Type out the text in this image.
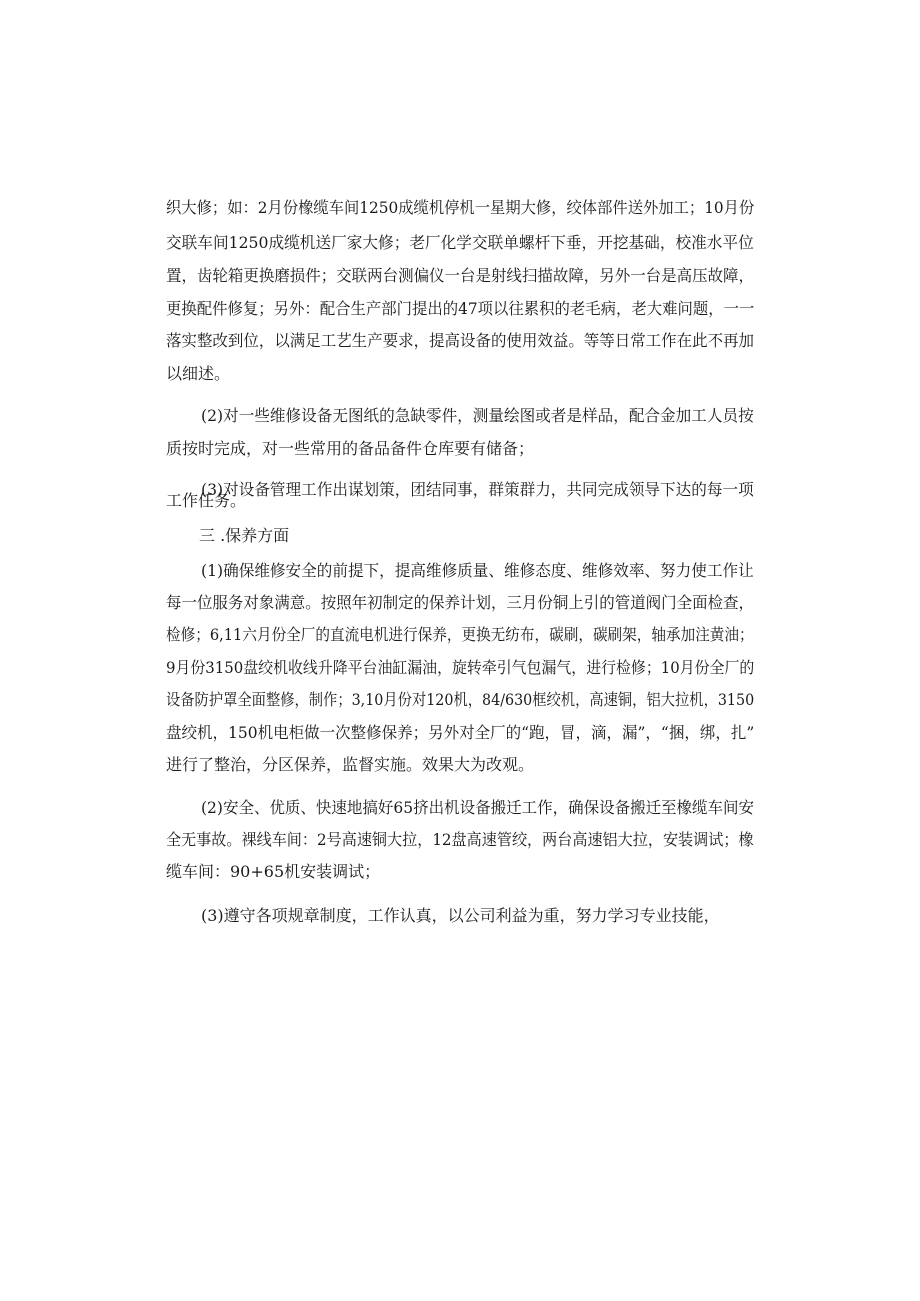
织大修；如：2月份橡缆车间1250成缆机停机一星期大修，绞体部件送外加工；10月份
交联车间1250成缆机送厂家大修；老厂化学交联单螺杆下垂，开挖基础，校准水平位
置，齿轮箱更换磨损件；交联两台测偏仪一台是射线扫描故障，另外一台是高压故障，
更换配件修复；另外：配合生产部门提出的47项以往累积的老毛病，老大难问题，一一
落实整改到位，以满足工艺生产要求，提高设备的使用效益。等等日常工作在此不再加
以细述。
(2)对一些维修设备无图纸的急缺零件，测量绘图或者是样品，配合金加工人员按
质按时完成，对一些常用的备品备件仓库要有储备；
(3)对设备管理工作出谋划策，团结同事，群策群力，共同完成领导下达的每一项
工作任务。
三 .保养方面
(1)确保维修安全的前提下，提高维修质量、维修态度、维修效率、努力使工作让
每一位服务对象满意。按照年初制定的保养计划，三月份铜上引的管道阀门全面检查，
检修；6,11六月份全厂的直流电机进行保养，更换无纺布，碳刷，碳刷架，轴承加注黄油；
9月份3150盘绞机收线升降平台油缸漏油，旋转牵引气包漏气，进行检修；10月份全厂的
设备防护罩全面整修，制作；3,10月份对120机，84/630框绞机，高速铜，铝大拉机，3150
盘绞机，150机电柜做一次整修保养；另外对全厂的“跑，冒，滴，漏”，“捆，绑，扎”
进行了整治，分区保养，监督实施。效果大为改观。
(2)安全、优质、快速地搞好65挤出机设备搬迁工作，确保设备搬迁至橡缆车间安
全无事故。裸线车间：2号高速铜大拉，12盘高速管绞，两台高速铝大拉，安装调试；橡
缆车间：90+65机安装调试；
(3)遵守各项规章制度，工作认真，以公司利益为重，努力学习专业技能，
